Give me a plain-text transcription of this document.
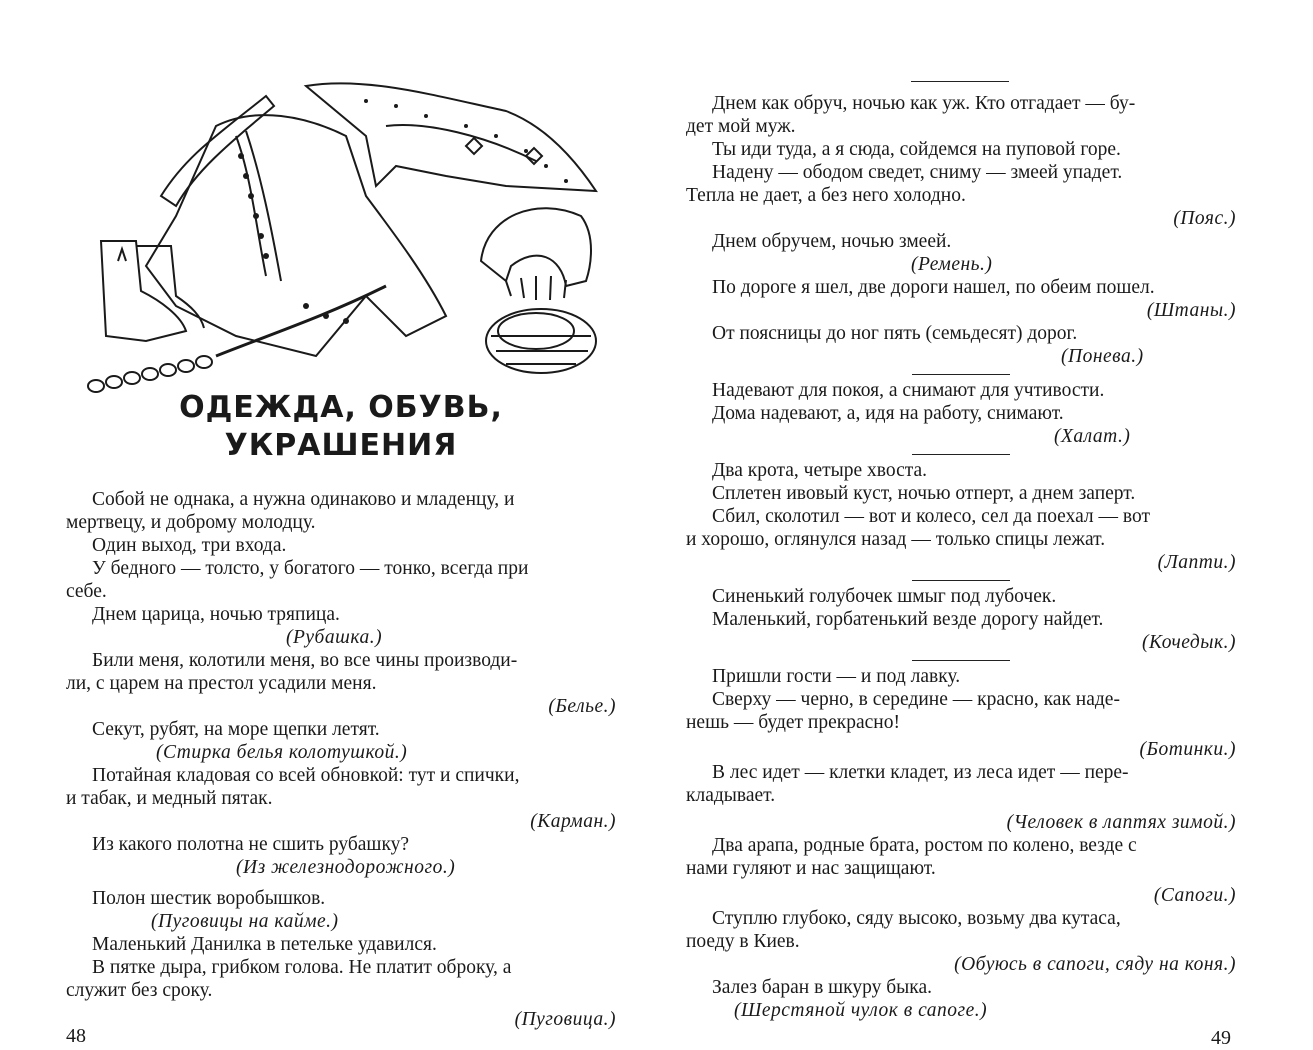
ОДЕЖДА, ОБУВЬ,
УКРАШЕНИЯ
Собой не однака, а нужна одинаково и младенцу, и
мертвецу, и доброму молодцу.
Один выход, три входа.
У бедного — толсто, у богатого — тонко, всегда при
себе.
Днем царица, ночью тряпица.
(Рубашка.)
Били меня, колотили меня, во все чины производи-
ли, с царем на престол усадили меня.
(Белье.)
Секут, рубят, на море щепки летят.
(Стирка белья колотушкой.)
Потайная кладовая со всей обновкой: тут и спички,
и табак, и медный пятак.
(Карман.)
Из какого полотна не сшить рубашку?
(Из железнодорожного.)
Полон шестик воробышков.
(Пуговицы на кайме.)
Маленький Данилка в петельке удавился.
В пятке дыра, грибком голова. Не платит оброку, а
служит без сроку.
(Пуговица.)
48
Днем как обруч, ночью как уж. Кто отгадает — бу-
дет мой муж.
Ты иди туда, а я сюда, сойдемся на пуповой горе.
Надену — ободом сведет, сниму — змеей упадет.
Тепла не дает, а без него холодно.
(Пояс.)
Днем обручем, ночью змеей.
(Ремень.)
По дороге я шел, две дороги нашел, по обеим пошел.
(Штаны.)
От поясницы до ног пять (семьдесят) дорог.
(Понева.)
Надевают для покоя, а снимают для учтивости.
Дома надевают, а, идя на работу, снимают.
(Халат.)
Два крота, четыре хвоста.
Сплетен ивовый куст, ночью отперт, а днем заперт.
Сбил, сколотил — вот и колесо, сел да поехал — вот
и хорошо, оглянулся назад — только спицы лежат.
(Лапти.)
Синенький голубочек шмыг под лубочек.
Маленький, горбатенький везде дорогу найдет.
(Кочедык.)
Пришли гости — и под лавку.
Сверху — черно, в середине — красно, как наде-
нешь — будет прекрасно!
(Ботинки.)
В лес идет — клетки кладет, из леса идет — пере-
кладывает.
(Человек в лаптях зимой.)
Два арапа, родные брата, ростом по колено, везде с
нами гуляют и нас защищают.
(Сапоги.)
Ступлю глубоко, сяду высоко, возьму два кутаса,
поеду в Киев.
(Обуюсь в сапоги, сяду на коня.)
Залез баран в шкуру быка.
(Шерстяной чулок в сапоге.)
49
